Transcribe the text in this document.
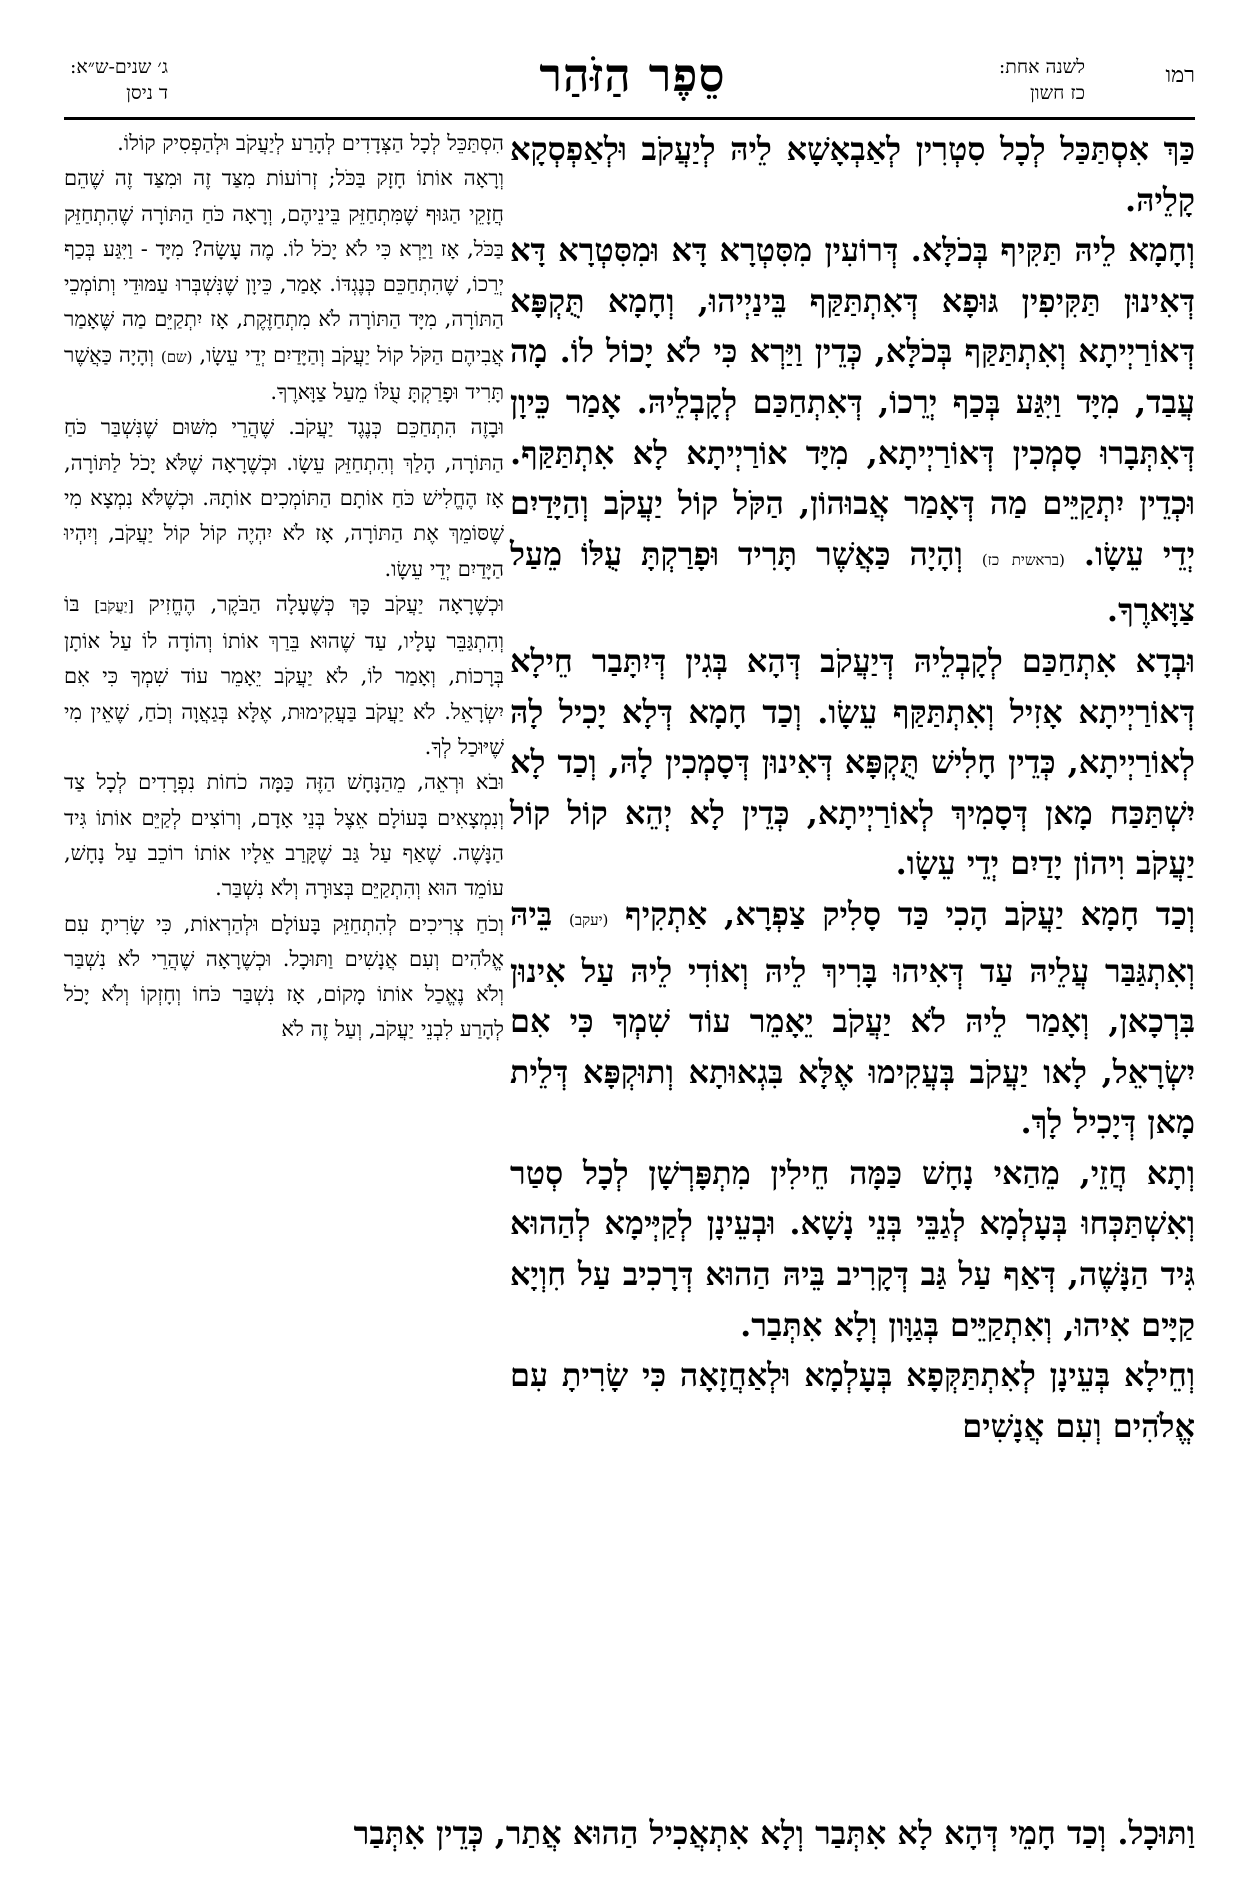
רמו
לשנה אחת:
כז חשון
סֵפֶר הַזֹּהַר
ג׳ שנים-ש״א:
ד ניסן

כַּךְ אִסְתַּכַּל לְכָל סִטְרִין לְאַבְאָשָׁא לֵיהּ לְיַעֲקֹב וּלְאַפְסְקָא קָלֵיהּ.

וְחָמָא לֵיהּ תַּקִּיף בְּכֹלָּא. דְּרוֹעִין מִסִּטְרָא דָּא וּמִסִּטְרָא דָּא דְּאִינוּן תַּקִּיפִין גּוּפָא דְּאִתְתַּקַּף בֵּינַיְיהוּ, וְחָמָא תֻּקְפָּא דְּאוֹרַיְיתָא וְאִתְתַּקַּף בְּכֹלָּא, כְּדֵין וַיַּרְא כִּי לֹא יָכוֹל לוֹ. מָה עֲבַד, מִיָּד וַיִּגַּע בְּכַף יְרֵכוֹ, דְּאִתְחַכַּם לְקָבְלֵיהּ. אָמַר כֵּיוָן דְּאִתְּבָרוּ סָמְכִין דְּאוֹרַיְיתָא, מִיָּד אוֹרַיְיתָא לָא אִתְתַּקַּף. וּכְדֵין יִתְקַיֵּים מַה דְּאָמַר אֲבוּהוֹן, הַקֹּל קוֹל יַעֲקֹב וְהַיָּדַיִם יְדֵי עֵשָׂו. (בראשית כז) וְהָיָה כַּאֲשֶׁר תָּרִיד וּפָרַקְתָּ עֻלּוֹ מֵעַל צַוָּארֶךָ.

וּבְדָא אִתְחַכַּם לְקָבְלֵיהּ דְּיַעֲקֹב דְּהָא בְּגִין דְּיִתָּבַר חֵילָא דְּאוֹרַיְיתָא אָזִיל וְאִתְתַּקַּף עֵשָׂו. וְכַד חָמָא דְּלָא יָכִיל לָהּ לְאוֹרַיְיתָא, כְּדֵין חָלִישׁ תֻּקְפָּא דְּאִינוּן דְּסָמְכִין לָהּ, וְכַד לָא יִשְׁתַּכַּח מָאן דְּסָמִיךְ לְאוֹרַיְיתָא, כְּדֵין לָא יְהֵא קוֹל קוֹל יַעֲקֹב וִיהוֹן יָדַיִם יְדֵי עֵשָׂו.

וְכַד חָמָא יַעֲקֹב הָכִי כַּד סָלִיק צַפְרָא, אַתְקִיף (יעקב) בֵּיהּ וְאִתְגַּבַּר עֲלֵיהּ עַד דְּאִיהוּ בָּרִיךְ לֵיהּ וְאוֹדִי לֵיהּ עַל אִינוּן בִּרְכָאן, וְאָמַר לֵיהּ לֹא יַעֲקֹב יֵאָמֵר עוֹד שִׁמְךָ כִּי אִם יִשְׂרָאֵל, לָאו יַעֲקֹב בְּעֲקִימוּ אֶלָּא בִּגְאוּתָא וְתוּקְפָּא דְּלֵית מָאן דְּיָכִיל לָךְ.

וְתָא חֲזֵי, מֵהַאי נָחָשׁ כַּמָּה חֵילִין מִתְפָּרְשָׁן לְכָל סְטַר וְאִשְׁתַּכְּחוּ בְּעָלְמָא לְגַבֵּי בְּנֵי נָשָׁא. וּבְעֵינָן לְקַיְּימָא לְהַהוּא גִּיד הַנָּשֶׁה, דְּאַף עַל גַּב דְּקָרִיב בֵּיהּ הַהוּא דְּרָכִיב עַל חִוְיָא קַיָּים אִיהוּ, וְאִתְקַיֵּים בְּגַוָּון וְלָא אִתְּבַר.

וְחֵילָא בְּעֵינָן לְאִתְתַּקְּפָא בְּעָלְמָא וּלְאַחֲזָאָה כִּי שָׂרִיתָ עִם אֱלֹהִים וְעִם אֲנָשִׁים

הִסְתַּכֵּל לְכָל הַצְּדָדִים לְהָרַע לְיַעֲקֹב וּלְהַפְסִיק קוֹלוֹ.

וְרָאָה אוֹתוֹ חָזָק בַּכֹּל; זְרוֹעוֹת מִצַּד זֶה וּמִצַּד זֶה שֶׁהֵם חֲזָקֵי הַגּוּף שֶׁמִּתְחַזֵּק בֵּינֵיהֶם, וְרָאָה כֹּחַ הַתּוֹרָה שֶׁהִתְחַזֵּק בַּכֹּל, אָז וַיַּרְא כִּי לֹא יָכֹל לוֹ. מֶה עָשָׂה? מִיָּד - וַיִּגַּע בְּכַף יְרֵכוֹ, שֶׁהִתְחַכֵּם כְּנֶגְדּוֹ. אָמַר, כֵּיוָן שֶׁנִּשְׁבְּרוּ עַמּוּדֵי וְתוֹמְכֵי הַתּוֹרָה, מִיָּד הַתּוֹרָה לֹא מִתְחַזֶּקֶת, אָז יִתְקַיֵּם מַה שֶּׁאָמַר אֲבִיהֶם הַקֹּל קוֹל יַעֲקֹב וְהַיָּדַיִם יְדֵי עֵשָׂו, (שם) וְהָיָה כַּאֲשֶׁר תָּרִיד וּפָרַקְתָּ עֻלּוֹ מֵעַל צַוָּארֶךָ.

וּבָזֶה הִתְחַכֵּם כְּנֶגֶד יַעֲקֹב. שֶׁהֲרֵי מִשּׁוּם שֶׁנִּשְׁבַּר כֹּחַ הַתּוֹרָה, הָלַךְ וְהִתְחַזֵּק עֵשָׂו. וּכְשֶׁרָאָה שֶׁלֹּא יָכֹל לַתּוֹרָה, אָז הֶחֱלִישׁ כֹּחַ אוֹתָם הַתּוֹמְכִים אוֹתָהּ. וּכְשֶׁלֹּא נִמְצָא מִי שֶׁסּוֹמֵךְ אֶת הַתּוֹרָה, אָז לֹא יִהְיֶה קוֹל קוֹל יַעֲקֹב, וְיִהְיוּ הַיָּדַיִם יְדֵי עֵשָׂו.

וּכְשֶׁרָאָה יַעֲקֹב כָּךְ כְּשֶׁעָלָה הַבֹּקֶר, הֶחֱזִיק [יַעֲקֹב] בּוֹ וְהִתְגַּבֵּר עָלָיו, עַד שֶׁהוּא בֵּרַךְ אוֹתוֹ וְהוֹדָה לוֹ עַל אוֹתָן בְּרָכוֹת, וְאָמַר לוֹ, לֹא יַעֲקֹב יֵאָמֵר עוֹד שִׁמְךָ כִּי אִם יִשְׂרָאֵל. לֹא יַעֲקֹב בַּעֲקִימוּת, אֶלָּא בְּגַאֲוָה וְכֹחַ, שֶׁאֵין מִי שֶׁיּוּכַל לְךָ.

וּבֹא וּרְאֵה, מֵהַנָּחָשׁ הַזֶּה כַּמָּה כֹחוֹת נִפְרָדִים לְכָל צַד וְנִמְצָאִים בָּעוֹלָם אֵצֶל בְּנֵי אָדָם, וְרוֹצִים לְקַיֵּם אוֹתוֹ גִּיד הַנָּשֶׁה. שֶׁאַף עַל גַּב שֶׁקָּרַב אֵלָיו אוֹתוֹ רוֹכֵב עַל נָחָשׁ, עוֹמֵד הוּא וְהִתְקַיֵּם בְּצוּרָה וְלֹא נִשְׁבַּר.

וְכֹחַ צְרִיכִים לְהִתְחַזֵּק בָּעוֹלָם וּלְהַרְאוֹת, כִּי שָׂרִיתָ עִם אֱלֹהִים וְעִם אֲנָשִׁים וַתּוּכָל. וּכְשֶׁרָאָה שֶׁהֲרֵי לֹא נִשְׁבַּר וְלֹא נֶאֱכַל אוֹתוֹ מָקוֹם, אָז נִשְׁבַּר כֹּחוֹ וְחָזְקוֹ וְלֹא יָכֹל לְהָרַע לִבְנֵי יַעֲקֹב, וְעַל זֶה לֹא

וַתּוּכָל. וְכַד חָמֵי דְּהָא לָא אִתְּבַר וְלָא אִתְאֲכִיל הַהוּא אֲתַר, כְּדֵין אִתְּבַר
